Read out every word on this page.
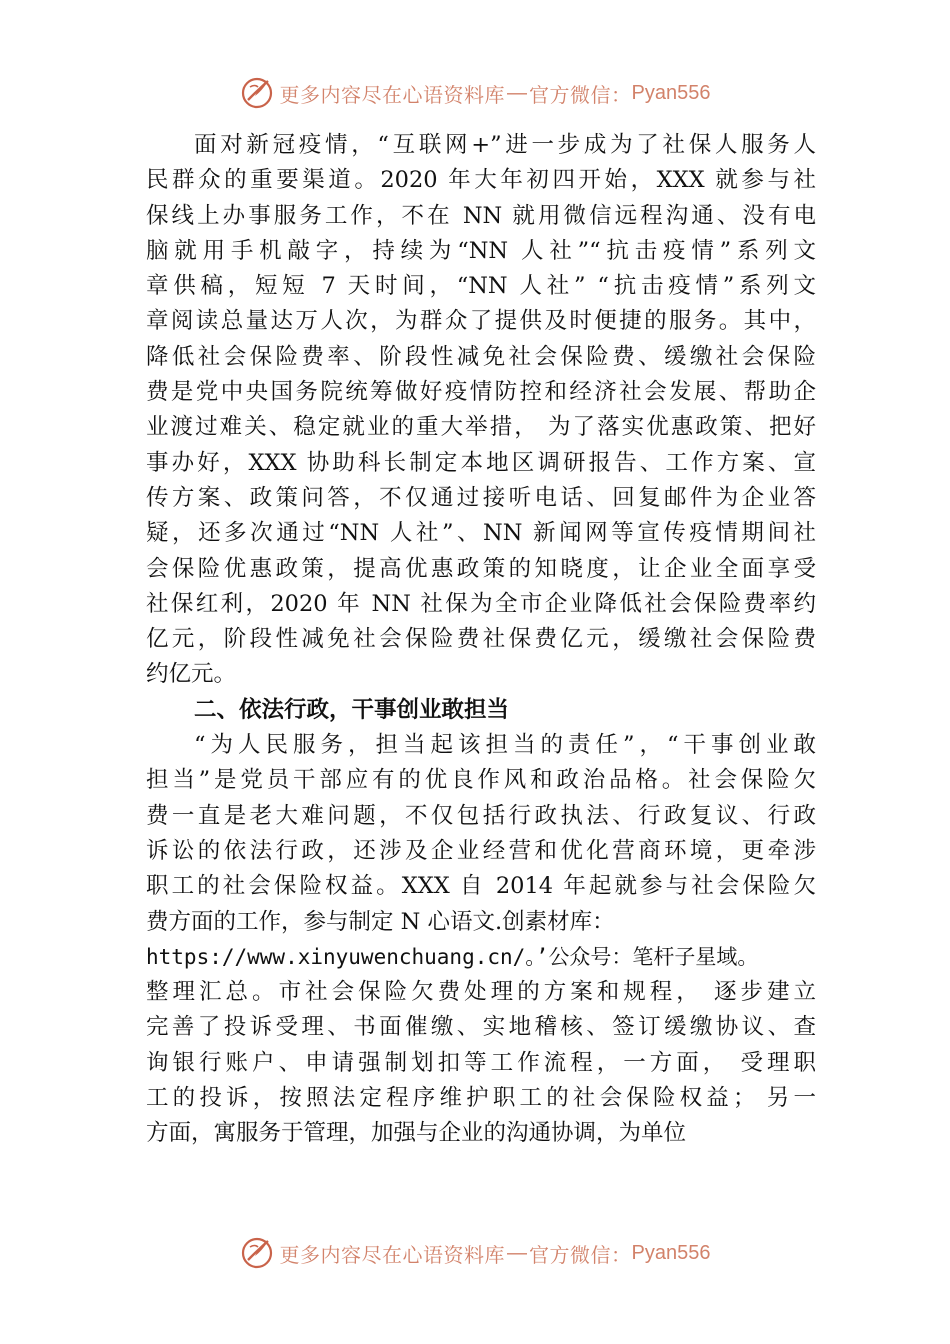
更多内容尽在心语资料库 — 官方微信： Pyan556
面对新冠疫情，“互联网+”进一步成为了社保人服务人
民群众的重要渠道。2020 年大年初四开始，XXX 就参与社
保线上办事服务工作，不在 NN 就用微信远程沟通、没有电
脑就用手机敲字，持续为“NN 人社”“抗击疫情”系列文
章供稿，短短 7 天时间，“NN 人社” “抗击疫情”系列文
章阅读总量达万人次，为群众了提供及时便捷的服务。其中，
降低社会保险费率、阶段性减免社会保险费、缓缴社会保险
费是党中央国务院统筹做好疫情防控和经济社会发展、帮助企
业渡过难关、稳定就业的重大举措， 为了落实优惠政策、把好
事办好，XXX 协助科长制定本地区调研报告、工作方案、宣
传方案、政策问答，不仅通过接听电话、回复邮件为企业答
疑，还多次通过“NN 人社”、NN 新闻网等宣传疫情期间社
会保险优惠政策，提高优惠政策的知晓度，让企业全面享受
社保红利，2020 年 NN 社保为全市企业降低社会保险费率约
亿元，阶段性减免社会保险费社保费亿元，缓缴社会保险费
约亿元。
二、依法行政，干事创业敢担当
“为人民服务，担当起该担当的责任”，“干事创业敢
担当”是党员干部应有的优良作风和政治品格。社会保险欠
费一直是老大难问题，不仅包括行政执法、行政复议、行政
诉讼的依法行政，还涉及企业经营和优化营商环境，更牵涉
职工的社会保险权益。XXX 自 2014 年起就参与社会保险欠
费方面的工作，参与制定 N 心语文.创素材库：
https://www.xinyuwenchuang.cn/。’公众号：笔杆子星域。
整理汇总。市社会保险欠费处理的方案和规程， 逐步建立
完善了投诉受理、书面催缴、实地稽核、签订缓缴协议、查
询银行账户、申请强制划扣等工作流程，一方面， 受理职
工的投诉，按照法定程序维护职工的社会保险权益； 另一
方面，寓服务于管理，加强与企业的沟通协调，为单位
更多内容尽在心语资料库 — 官方微信： Pyan556
